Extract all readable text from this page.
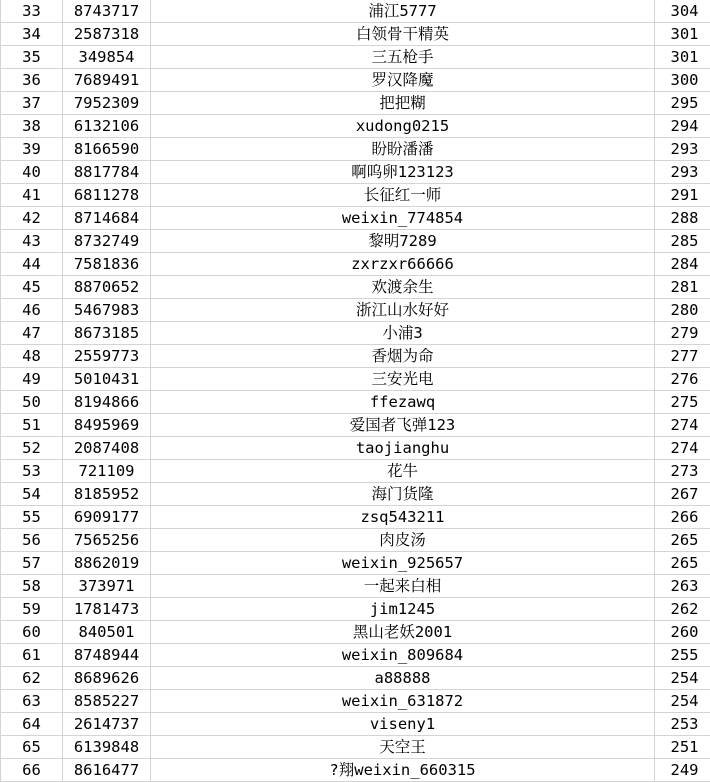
33	8743717	浦江5777	304
34	2587318	白领骨干精英	301
35	349854	三五枪手	301
36	7689491	罗汉降魔	300
37	7952309	把把糊	295
38	6132106	xudong0215	294
39	8166590	盼盼潘潘	293
40	8817784	啊呜卵123123	293
41	6811278	长征红一师	291
42	8714684	weixin_774854	288
43	8732749	黎明7289	285
44	7581836	zxrzxr66666	284
45	8870652	欢渡余生	281
46	5467983	浙江山水好好	280
47	8673185	小浦3	279
48	2559773	香烟为命	277
49	5010431	三安光电	276
50	8194866	ffezawq	275
51	8495969	爱国者飞弹123	274
52	2087408	taojianghu	274
53	721109	花牛	273
54	8185952	海门货隆	267
55	6909177	zsq543211	266
56	7565256	肉皮汤	265
57	8862019	weixin_925657	265
58	373971	一起来白相	263
59	1781473	jim1245	262
60	840501	黑山老妖2001	260
61	8748944	weixin_809684	255
62	8689626	a88888	254
63	8585227	weixin_631872	254
64	2614737	viseny1	253
65	6139848	天空王	251
66	8616477	?翔weixin_660315	249
